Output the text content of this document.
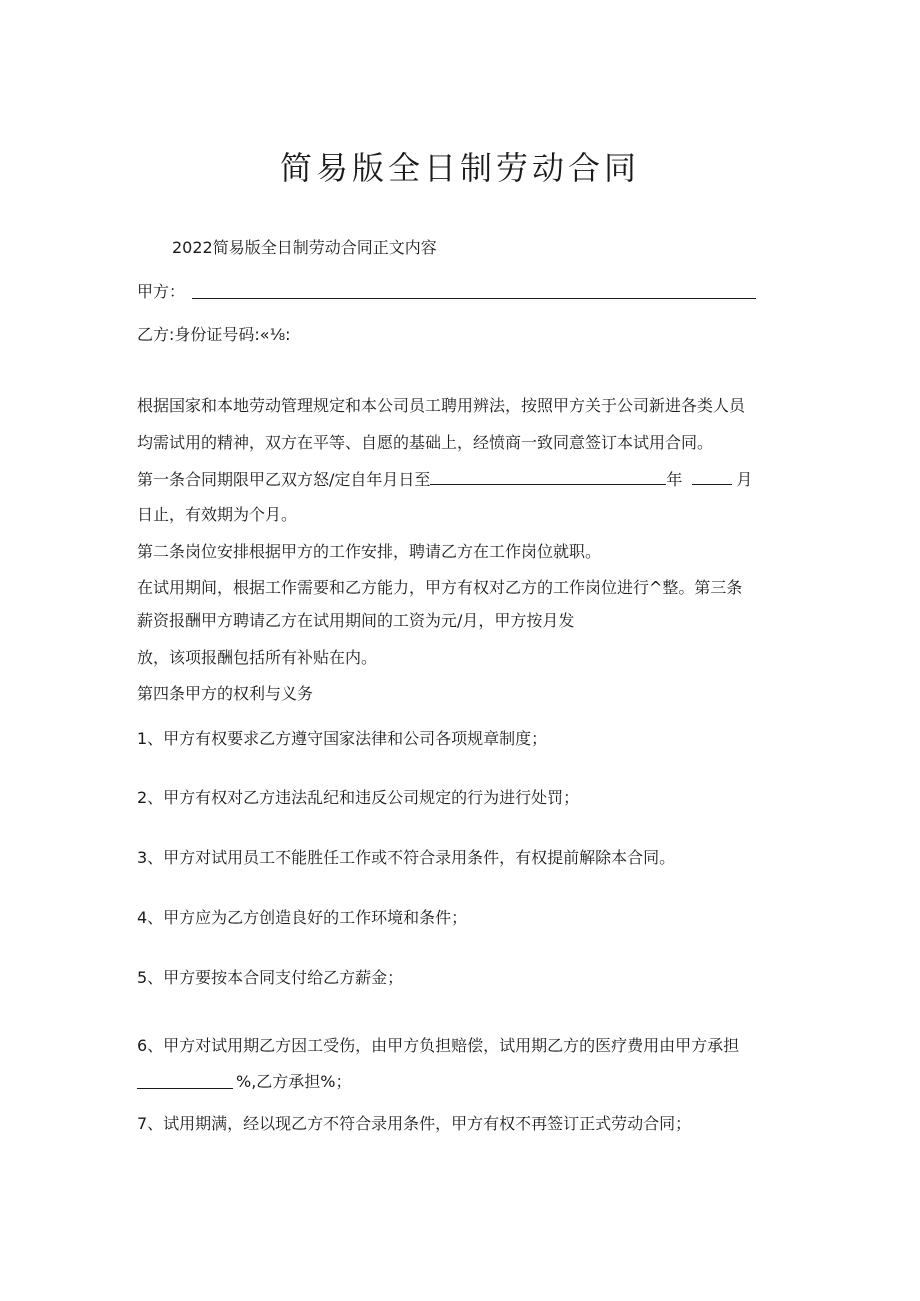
简易版全日制劳动合同

2022简易版全日制劳动合同正文内容

甲方：

乙方:身份证号码:«⅛:

根据国家和本地劳动管理规定和本公司员工聘用辨法，按照甲方关于公司新进各类人员

均需试用的精神，双方在平等、自愿的基础上，经愤商一致同意签订本试用合同。

第一条合同期限甲乙双方怒/定自年月日至	年	月

日止，有效期为个月。

第二条岗位安排根据甲方的工作安排，聘请乙方在工作岗位就职。

在试用期间，根据工作需要和乙方能力，甲方有权对乙方的工作岗位进行^整。第三条

薪资报酬甲方聘请乙方在试用期间的工资为元/月，甲方按月发

放，该项报酬包括所有补贴在内。

第四条甲方的权利与义务

1、甲方有权要求乙方遵守国家法律和公司各项规章制度；

2、甲方有权对乙方违法乱纪和违反公司规定的行为进行处罚；

3、甲方对试用员工不能胜任工作或不符合录用条件，有权提前解除本合同。

4、甲方应为乙方创造良好的工作环境和条件；

5、甲方要按本合同支付给乙方薪金；

6、甲方对试用期乙方因工受伤，由甲方负担赔偿，试用期乙方的医疗费用由甲方承担

%,乙方承担%；

7、试用期满，经以现乙方不符合录用条件，甲方有权不再签订正式劳动合同；
